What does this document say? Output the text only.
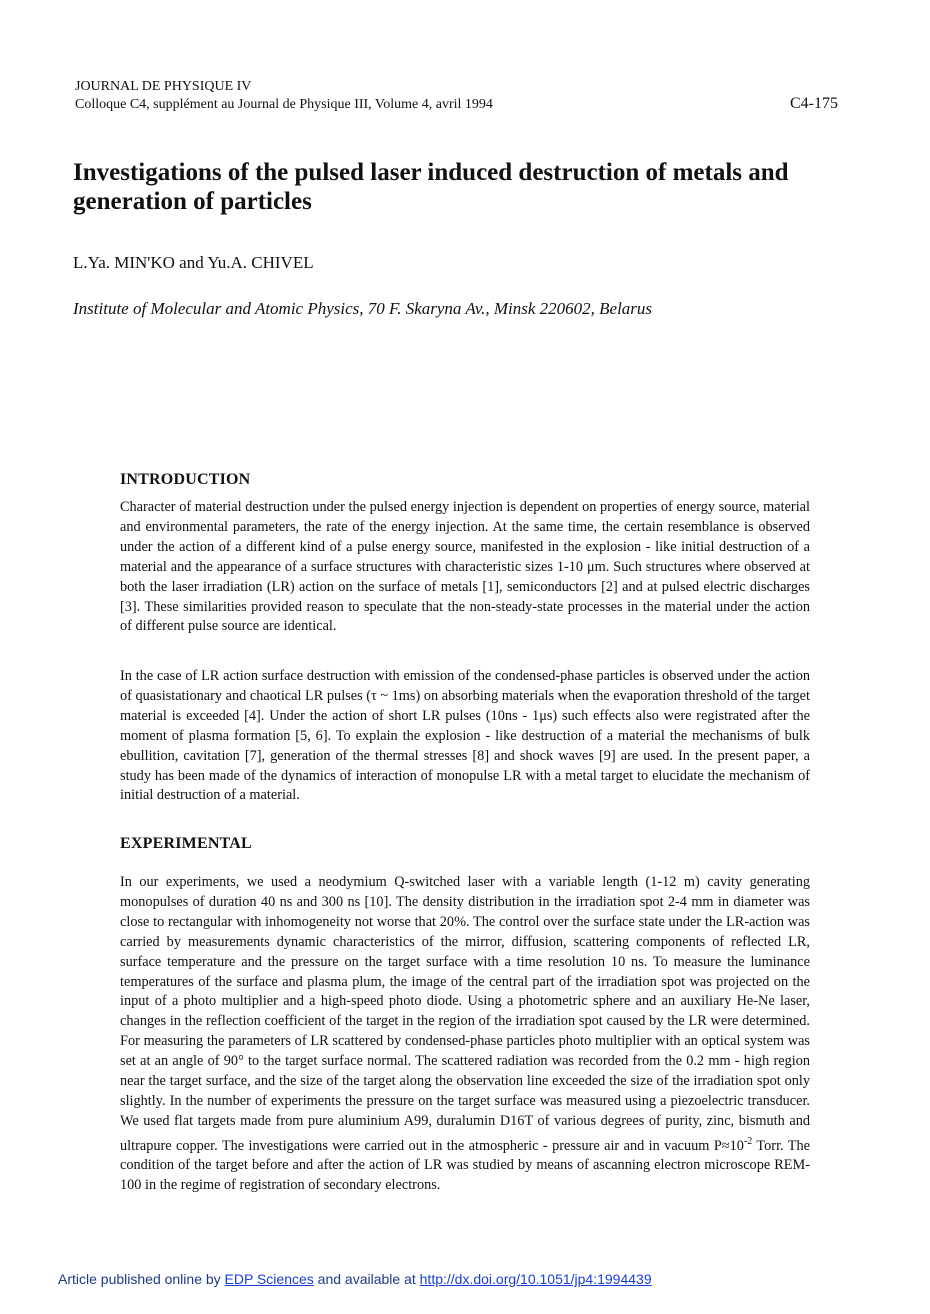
JOURNAL DE PHYSIQUE IV
Colloque C4, supplément au Journal de Physique III, Volume 4, avril 1994	C4-175
Investigations of the pulsed laser induced destruction of metals and generation of particles
L.Ya. MIN'KO and Yu.A. CHIVEL
Institute of Molecular and Atomic Physics, 70 F. Skaryna Av., Minsk 220602, Belarus
INTRODUCTION

Character of material destruction under the pulsed energy injection is dependent on properties of energy source, material and environmental parameters, the rate of the energy injection. At the same time, the certain resemblance is observed under the action of a different kind of a pulse energy source, manifested in the explosion - like initial destruction of a material and the appearance of a surface structures with characteristic sizes 1-10 μm. Such structures where observed at both the laser irradiation (LR) action on the surface of metals [1], semiconductors [2] and at pulsed electric discharges [3]. These similarities provided reason to speculate that the non-steady-state processes in the material under the action of different pulse source are identical.

In the case of LR action surface destruction with emission of the condensed-phase particles is observed under the action of quasistationary and chaotical LR pulses (τ ~ 1ms) on absorbing materials when the evaporation threshold of the target material is exceeded [4]. Under the action of short LR pulses (10ns - 1μs) such effects also were registrated after the moment of plasma formation [5, 6]. To explain the explosion - like destruction of a material the mechanisms of bulk ebullition, cavitation [7], generation of the thermal stresses [8] and shock waves [9] are used. In the present paper, a study has been made of the dynamics of interaction of monopulse LR with a metal target to elucidate the mechanism of initial destruction of a material.

EXPERIMENTAL

In our experiments, we used a neodymium Q-switched laser with a variable length (1-12 m) cavity generating monopulses of duration 40 ns and 300 ns [10]. The density distribution in the irradiation spot 2-4 mm in diameter was close to rectangular with inhomogeneity not worse that 20%. The control over the surface state under the LR-action was carried by measurements dynamic characteristics of the mirror, diffusion, scattering components of reflected LR, surface temperature and the pressure on the target surface with a time resolution 10 ns. To measure the luminance temperatures of the surface and plasma plum, the image of the central part of the irradiation spot was projected on the input of a photo multiplier and a high-speed photo diode. Using a photometric sphere and an auxiliary He-Ne laser, changes in the reflection coefficient of the target in the region of the irradiation spot caused by the LR were determined. For measuring the parameters of LR scattered by condensed-phase particles photo multiplier with an optical system was set at an angle of 90° to the target surface normal. The scattered radiation was recorded from the 0.2 mm - high region near the target surface, and the size of the target along the observation line exceeded the size of the irradiation spot only slightly. In the number of experiments the pressure on the target surface was measured using a piezoelectric transducer. We used flat targets made from pure aluminium A99, duralumin D16T of various degrees of purity, zinc, bismuth and ultrapure copper. The investigations were carried out in the atmospheric - pressure air and in vacuum $P\approx 10^{-2}$ Torr. The condition of the target before and after the action of LR was studied by means of ascanning electron microscope REM-100 in the regime of registration of secondary electrons.

Article published online by EDP Sciences and available at http://dx.doi.org/10.1051/jp4:1994439
